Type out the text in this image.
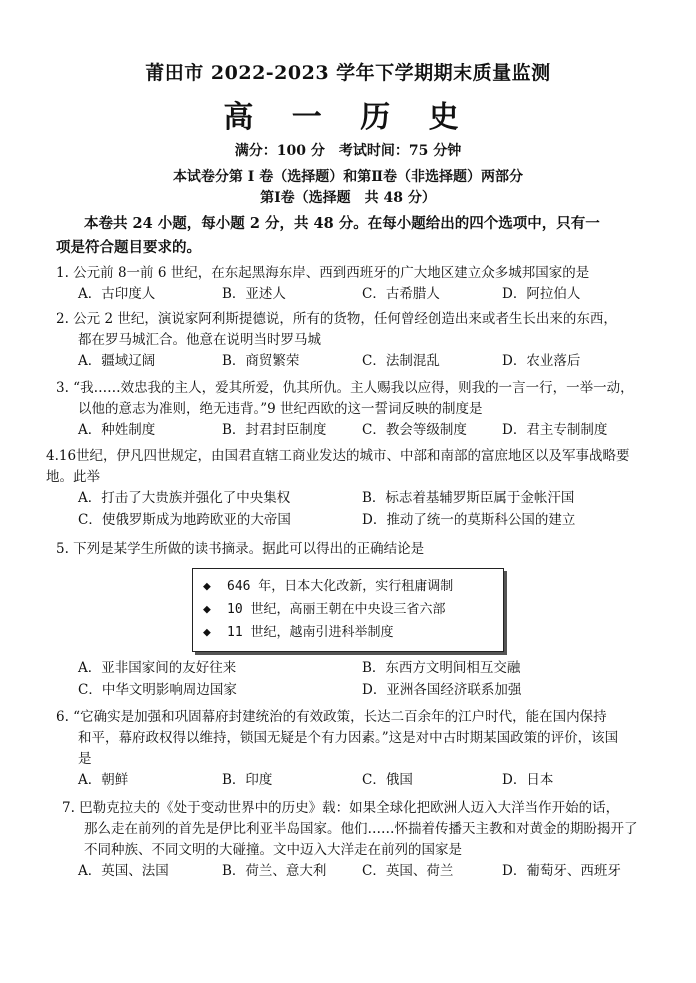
莆田市 2022-2023 学年下学期期末质量监测
高 一 历 史
满分：100 分　考试时间：75 分钟
本试卷分第 Ⅰ 卷（选择题）和第Ⅱ卷（非选择题）两部分
第Ⅰ卷（选择题　共 48 分）
本卷共 24 小题，每小题 2 分，共 48 分。在每小题给出的四个选项中，只有一
项是符合题目要求的。
1. 公元前 8一前 6 世纪，在东起黑海东岸、西到西班牙的广大地区建立众多城邦国家的是
A．古印度人	B．亚述人	C．古希腊人	D．阿拉伯人
2. 公元 2 世纪，演说家阿利斯提德说，所有的货物，任何曾经创造出来或者生长出来的东西，
都在罗马城汇合。他意在说明当时罗马城
A．疆域辽阔	B．商贸繁荣	C．法制混乱	D．农业落后
3. “我……效忠我的主人，爱其所爱，仇其所仇。主人赐我以应得，则我的一言一行，一举一动，
以他的意志为准则，绝无违背。”9 世纪西欧的这一誓词反映的制度是
A．种姓制度	B．封君封臣制度	C．教会等级制度	D．君主专制制度
4.16世纪，伊凡四世规定，由国君直辖工商业发达的城市、中部和南部的富庶地区以及军事战略要
地。此举
A．打击了大贵族并强化了中央集权	B．标志着基辅罗斯臣属于金帐汗国
C．使俄罗斯成为地跨欧亚的大帝国	D．推动了统一的莫斯科公国的建立
5. 下列是某学生所做的读书摘录。据此可以得出的正确结论是
◆ 646 年，日本大化改新，实行租庸调制
◆ 10 世纪，高丽王朝在中央设三省六部
◆ 11 世纪，越南引进科举制度
A．亚非国家间的友好往来	B．东西方文明间相互交融
C．中华文明影响周边国家	D．亚洲各国经济联系加强
6. “它确实是加强和巩固幕府封建统治的有效政策，长达二百余年的江户时代，能在国内保持
和平，幕府政权得以维持，锁国无疑是个有力因素。”这是对中古时期某国政策的评价，该国
是
A．朝鲜	B．印度	C．俄国	D．日本
7. 巴勒克拉夫的《处于变动世界中的历史》载：如果全球化把欧洲人迈入大洋当作开始的话，
那么走在前列的首先是伊比利亚半岛国家。他们……怀揣着传播天主教和对黄金的期盼揭开了
不同种族、不同文明的大碰撞。文中迈入大洋走在前列的国家是
A．英国、法国	B．荷兰、意大利	C．英国、荷兰	D．葡萄牙、西班牙
